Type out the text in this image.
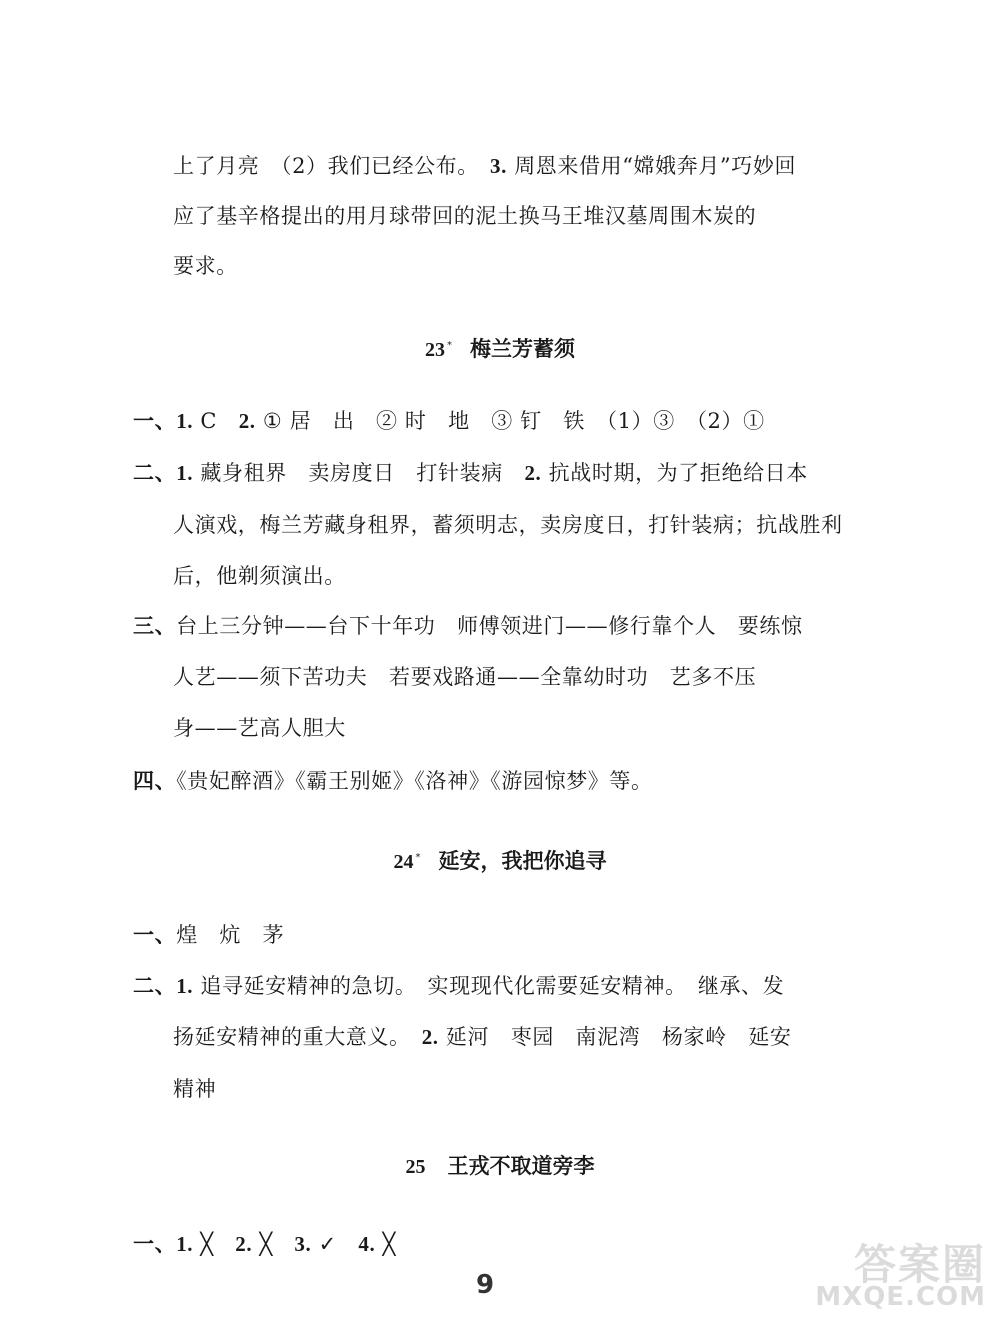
上了月亮　（2）我们已经公布。　3. 周恩来借用“嫦娥奔月”巧妙回
应了基辛格提出的用月球带回的泥土换马王堆汉墓周围木炭的
要求。
23 * 梅兰芳蓄须
一、1. C　2. ① 居　出　② 时　地　③ 钉　铁　（1）③　（2）①
二、1. 藏身租界　卖房度日　打针装病　2. 抗战时期，为了拒绝给日本
人演戏，梅兰芳藏身租界，蓄须明志，卖房度日，打针装病；抗战胜利
后，他剃须演出。
三、台上三分钟——台下十年功　师傅领进门——修行靠个人　要练惊
人艺——须下苦功夫　若要戏路通——全靠幼时功　艺多不压
身——艺高人胆大
四、《贵妃醉酒》《霸王别姬》《洛神》《游园惊梦》等。
24 * 延安，我把你追寻
一、煌　炕　茅
二、1. 追寻延安精神的急切。　实现现代化需要延安精神。　继承、发
扬延安精神的重大意义。　2. 延河　枣园　南泥湾　杨家岭　延安
精神
25 王戎不取道旁李
一、1. ╳　2. ╳　3. ✓　4. ╳
9	答案圈
MXQE.COM
